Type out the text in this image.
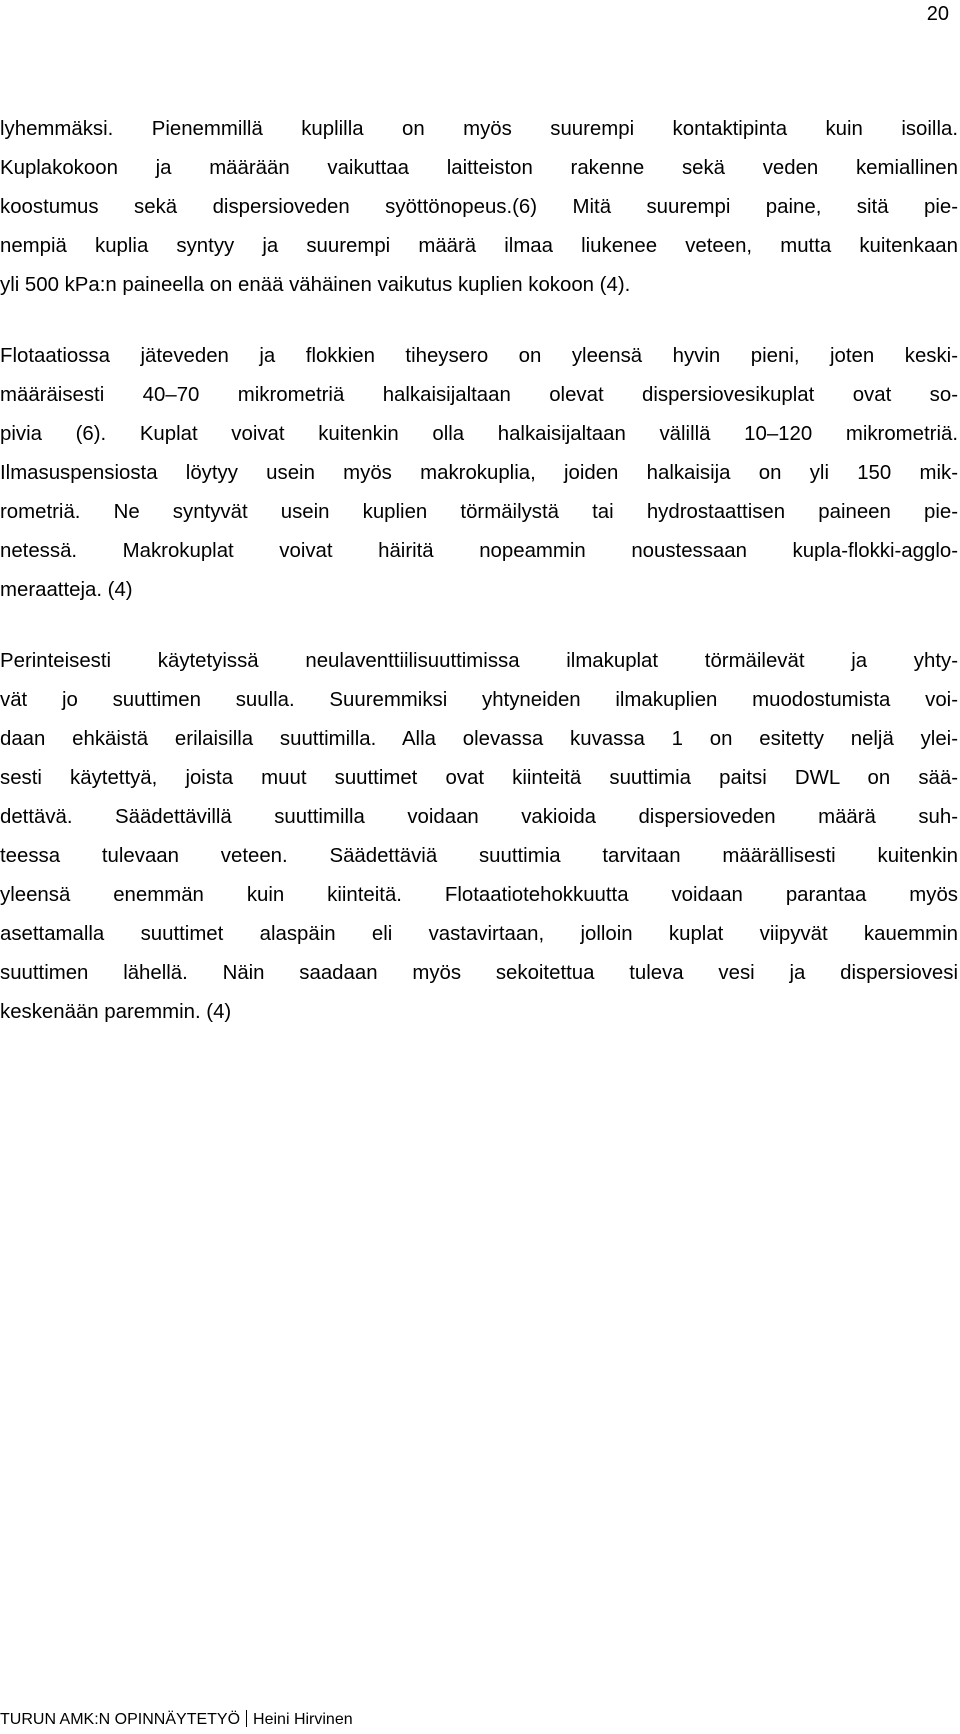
20

lyhemmäksi. Pienemmillä kuplilla on myös suurempi kontaktipinta kuin isoilla.
Kuplakokoon ja määrään vaikuttaa laitteiston rakenne sekä veden kemiallinen
koostumus sekä dispersioveden syöttönopeus.(6) Mitä suurempi paine, sitä pie-
nempiä kuplia syntyy ja suurempi määrä ilmaa liukenee veteen, mutta kuitenkaan
yli 500 kPa:n paineella on enää vähäinen vaikutus kuplien kokoon (4).

Flotaatiossa jäteveden ja flokkien tiheysero on yleensä hyvin pieni, joten keski-
määräisesti 40–70 mikrometriä halkaisijaltaan olevat dispersiovesikuplat ovat so-
pivia (6). Kuplat voivat kuitenkin olla halkaisijaltaan välillä 10–120 mikrometriä.
Ilmasuspensiosta löytyy usein myös makrokuplia, joiden halkaisija on yli 150 mik-
rometriä. Ne syntyvät usein kuplien törmäilystä tai hydrostaattisen paineen pie-
netessä. Makrokuplat voivat häiritä nopeammin noustessaan kupla-flokki-agglo-
meraatteja. (4)

Perinteisesti käytetyissä neulaventtiilisuuttimissa ilmakuplat törmäilevät ja yhty-
vät jo suuttimen suulla. Suuremmiksi yhtyneiden ilmakuplien muodostumista voi-
daan ehkäistä erilaisilla suuttimilla. Alla olevassa kuvassa 1 on esitetty neljä ylei-
sesti käytettyä, joista muut suuttimet ovat kiinteitä suuttimia paitsi DWL on sää-
dettävä. Säädettävillä suuttimilla voidaan vakioida dispersioveden määrä suh-
teessa tulevaan veteen. Säädettäviä suuttimia tarvitaan määrällisesti kuitenkin
yleensä enemmän kuin kiinteitä. Flotaatiotehokkuutta voidaan parantaa myös
asettamalla suuttimet alaspäin eli vastavirtaan, jolloin kuplat viipyvät kauemmin
suuttimen lähellä. Näin saadaan myös sekoitettua tuleva vesi ja dispersiovesi
keskenään paremmin. (4)

TURUN AMK:N OPINNÄYTETYÖ Heini Hirvinen
